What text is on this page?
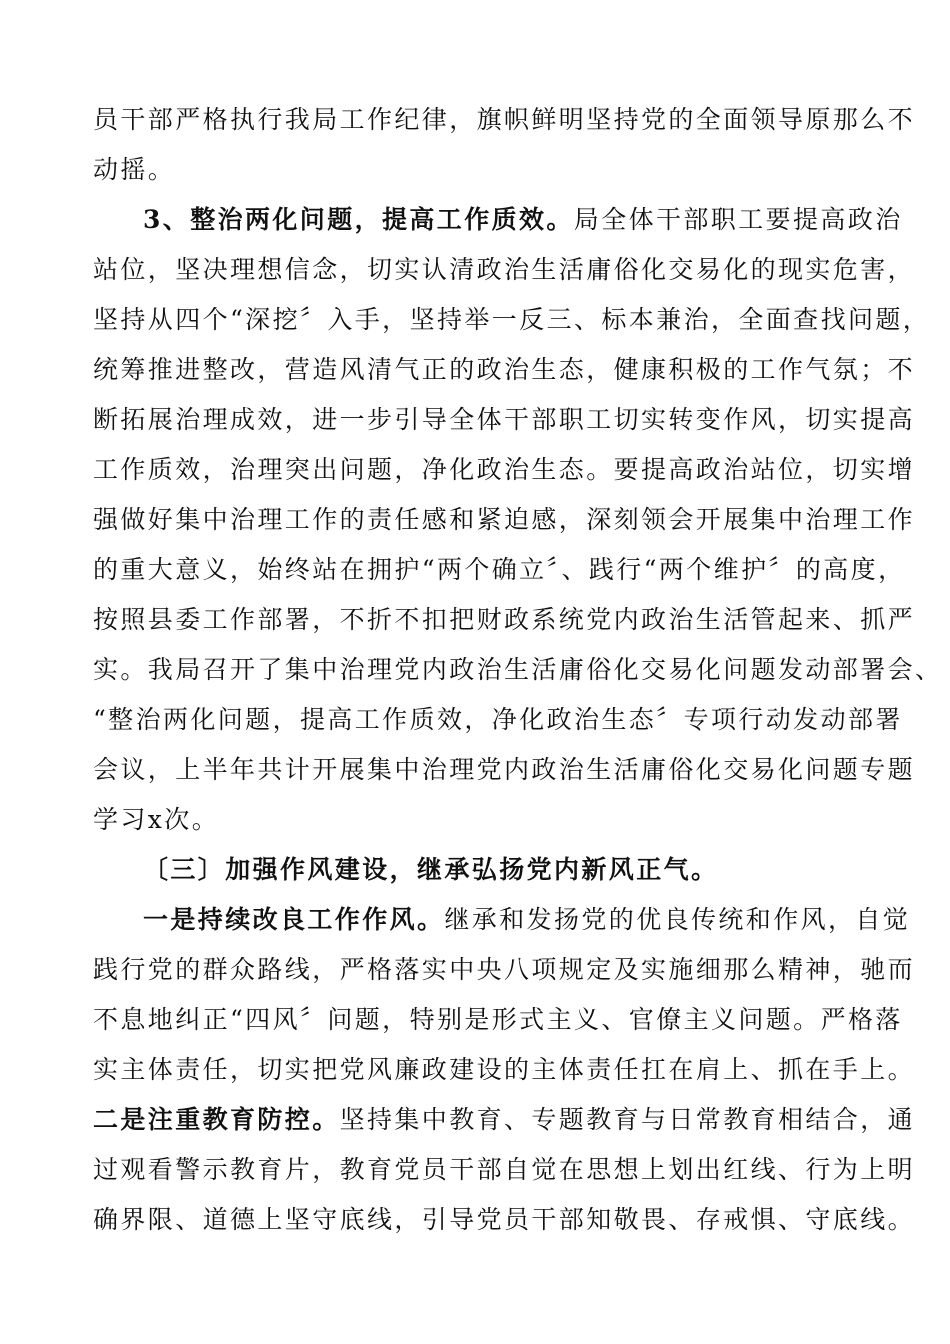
员干部严格执行我局工作纪律，旗帜鲜明坚持党的全面领导原那么不
动摇。
3、整治两化问题，提高工作质效。局全体干部职工要提高政治
站位，坚决理想信念，切实认清政治生活庸俗化交易化的现实危害，
坚持从四个“深挖〞入手，坚持举一反三、标本兼治，全面查找问题，
统筹推进整改，营造风清气正的政治生态，健康积极的工作气氛；不
断拓展治理成效，进一步引导全体干部职工切实转变作风，切实提高
工作质效，治理突出问题，净化政治生态。要提高政治站位，切实增
强做好集中治理工作的责任感和紧迫感，深刻领会开展集中治理工作
的重大意义，始终站在拥护“两个确立〞、践行“两个维护〞的高度，
按照县委工作部署，不折不扣把财政系统党内政治生活管起来、抓严
实。我局召开了集中治理党内政治生活庸俗化交易化问题发动部署会、
“整治两化问题，提高工作质效，净化政治生态〞专项行动发动部署
会议，上半年共计开展集中治理党内政治生活庸俗化交易化问题专题
学习x次。
〔三〕加强作风建设，继承弘扬党内新风正气。
一是持续改良工作作风。继承和发扬党的优良传统和作风，自觉
践行党的群众路线，严格落实中央八项规定及实施细那么精神，驰而
不息地纠正“四风〞问题，特别是形式主义、官僚主义问题。严格落
实主体责任，切实把党风廉政建设的主体责任扛在肩上、抓在手上。
二是注重教育防控。坚持集中教育、专题教育与日常教育相结合，通
过观看警示教育片，教育党员干部自觉在思想上划出红线、行为上明
确界限、道德上坚守底线，引导党员干部知敬畏、存戒惧、守底线。
